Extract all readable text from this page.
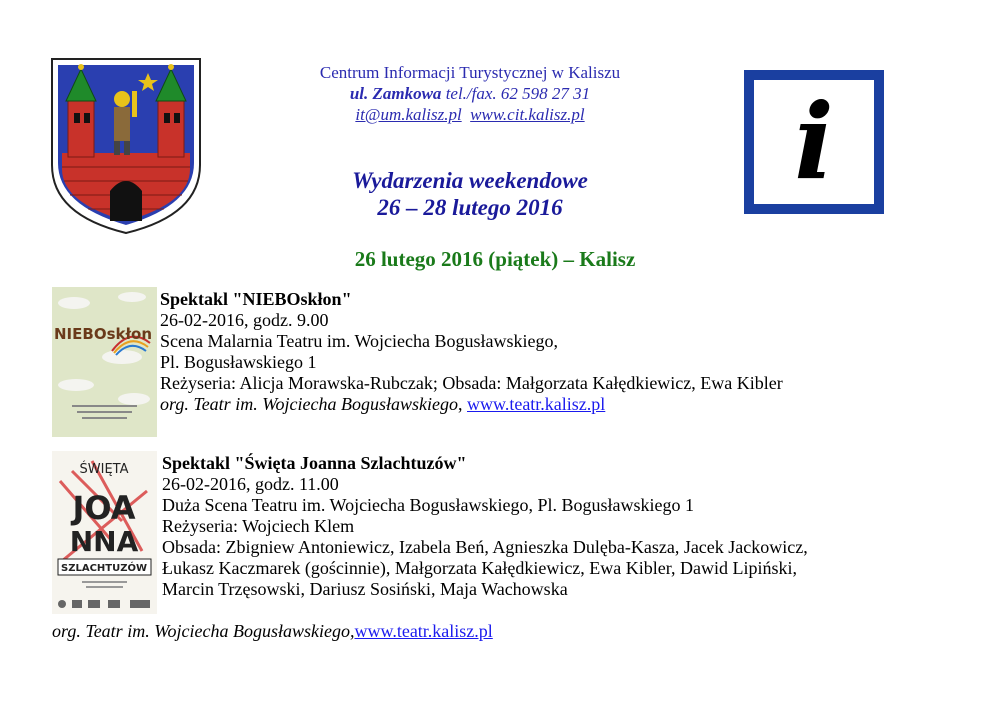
Centrum Informacji Turystycznej w Kaliszu
ul. Zamkowa tel./fax. 62 598 27 31
it@um.kalisz.pl www.cit.kalisz.pl	i
Wydarzenia weekendowe
26 – 28 lutego 2016
26 lutego 2016 (piątek) – Kalisz
NIEBOskłon
Spektakl "NIEBOskłon"
26-02-2016, godz. 9.00
Scena Malarnia Teatru im. Wojciecha Bogusławskiego,
Pl. Bogusławskiego 1
Reżyseria: Alicja Morawska-Rubczak; Obsada: Małgorzata Kałędkiewicz, Ewa Kibler
org. Teatr im. Wojciecha Bogusławskiego, www.teatr.kalisz.pl
ŚWIĘTA
JOA
NNA
SZLACHTUZÓW
Spektakl "Święta Joanna Szlachtuzów"
26-02-2016, godz. 11.00
Duża Scena Teatru im. Wojciecha Bogusławskiego, Pl. Bogusławskiego 1
Reżyseria: Wojciech Klem
Obsada: Zbigniew Antoniewicz, Izabela Beń, Agnieszka Dulęba-Kasza, Jacek Jackowicz,
Łukasz Kaczmarek (gościnnie), Małgorzata Kałędkiewicz, Ewa Kibler, Dawid Lipiński,
Marcin Trzęsowski, Dariusz Sosiński, Maja Wachowska
org. Teatr im. Wojciecha Bogusławskiego,www.teatr.kalisz.pl
